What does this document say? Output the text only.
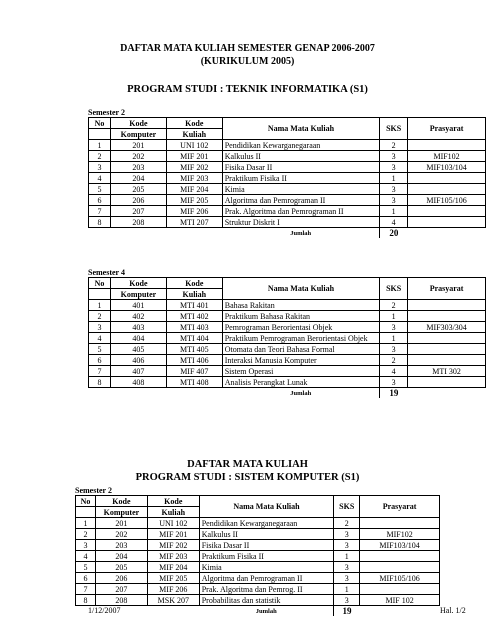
DAFTAR MATA KULIAH SEMESTER GENAP 2006-2007
(KURIKULUM 2005)
PROGRAM STUDI : TEKNIK INFORMATIKA (S1)
Semester 2
No	Kode	Kode	Nama Mata Kuliah	SKS	Prasyarat
	Komputer	Kuliah			
1	201	UNI 102	Pendidikan Kewarganegaraan	2	
2	202	MIF 201	Kalkulus II	3	MIF102
3	203	MIF 202	Fisika Dasar II	3	MIF103/104
4	204	MIF 203	Praktikum Fisika II	1	
5	205	MIF 204	Kimia	3	
6	206	MIF 205	Algoritma dan Pemrograman II	3	MIF105/106
7	207	MIF 206	Prak. Algoritma dan Pemrograman II	1	
8	208	MTI 207	Struktur Diskrit I	4	
			Jumlah	20	
Semester 4
No	Kode	Kode	Nama Mata Kuliah	SKS	Prasyarat
	Komputer	Kuliah			
1	401	MTI 401	Bahasa Rakitan	2	
2	402	MTI 402	Praktikum Bahasa Rakitan	1	
3	403	MTI 403	Pemrograman Berorientasi Objek	3	MIF303/304
4	404	MTI 404	Praktikum Pemrograman Berorientasi Objek	1	
5	405	MTI 405	Otomata dan Teori Bahasa Formal	3	
6	406	MTI 406	Interaksi Manusia Komputer	2	
7	407	MIF 407	Sistem Operasi	4	MTI 302
8	408	MTI 408	Analisis Perangkat Lunak	3	
			Jumlah	19	
DAFTAR MATA KULIAH
PROGRAM STUDI : SISTEM KOMPUTER (S1)
Semester 2
No	Kode	Kode	Nama Mata Kuliah	SKS	Prasyarat
	Komputer	Kuliah			
1	201	UNI 102	Pendidikan Kewarganegaraan	2	
2	202	MIF 201	Kalkulus II	3	MIF102
3	203	MIF 202	Fisika Dasar II	3	MIF103/104
4	204	MIF 203	Praktikum Fisika II	1	
5	205	MIF 204	Kimia	3	
6	206	MIF 205	Algoritma dan Pemrograman II	3	MIF105/106
7	207	MIF 206	Prak. Algoritma dan Pemrog. II	1	
8	208	MSK 207	Probabilitas dan statistik	3	MIF 102
			Jumlah	19	
1/12/2007	Hal. 1/2
